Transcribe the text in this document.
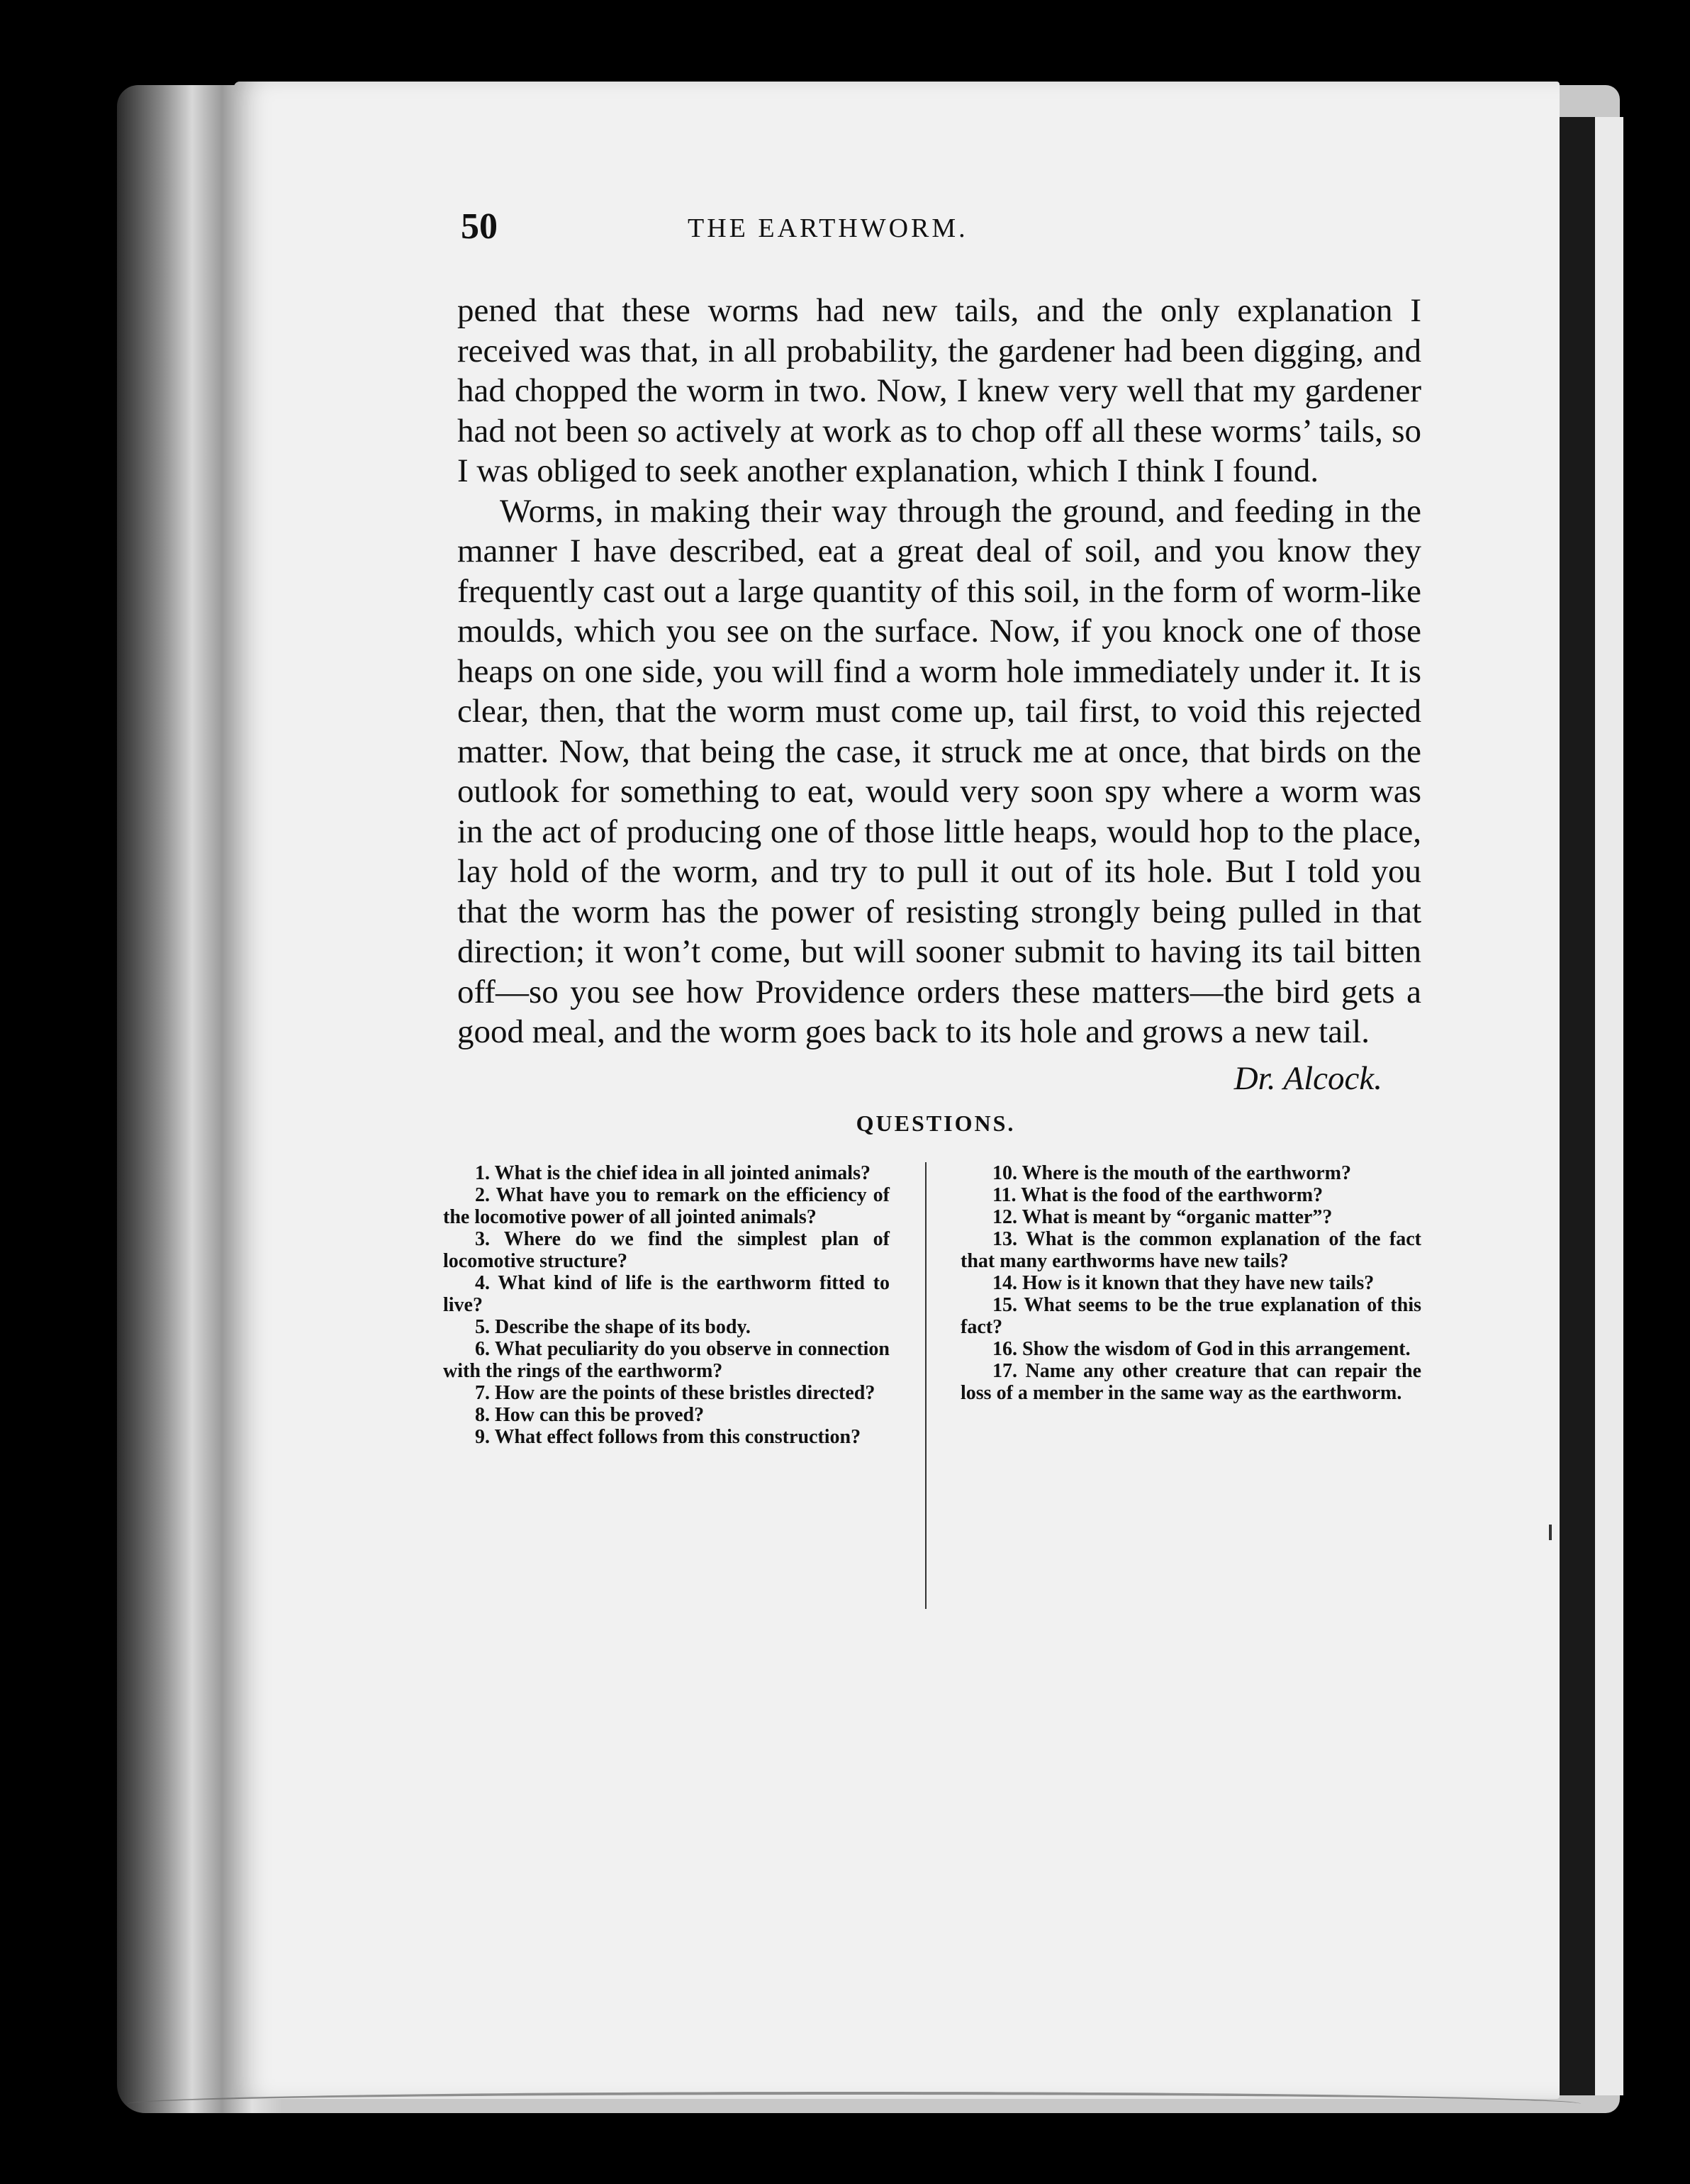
50	THE EARTHWORM.

pened that these worms had new tails, and the only explanation I received was that, in all probability, the gardener had been digging, and had chopped the worm in two. Now, I knew very well that my gardener had not been so actively at work as to chop off all these worms’ tails, so I was obliged to seek another explanation, which I think I found.

Worms, in making their way through the ground, and feeding in the manner I have described, eat a great deal of soil, and you know they frequently cast out a large quantity of this soil, in the form of worm-like moulds, which you see on the surface. Now, if you knock one of those heaps on one side, you will find a worm hole immediately under it. It is clear, then, that the worm must come up, tail first, to void this rejected matter. Now, that being the case, it struck me at once, that birds on the outlook for something to eat, would very soon spy where a worm was in the act of producing one of those little heaps, would hop to the place, lay hold of the worm, and try to pull it out of its hole. But I told you that the worm has the power of resisting strongly being pulled in that direction; it won’t come, but will sooner submit to having its tail bitten off—so you see how Providence orders these matters—the bird gets a good meal, and the worm goes back to its hole and grows a new tail.

Dr. Alcock.
QUESTIONS.

1. What is the chief idea in all jointed animals?

2. What have you to remark on the efficiency of the locomotive power of all jointed animals?

3. Where do we find the simplest plan of locomotive structure?

4. What kind of life is the earthworm fitted to live?

5. Describe the shape of its body.

6. What peculiarity do you observe in connection with the rings of the earthworm?

7. How are the points of these bristles directed?

8. How can this be proved?

9. What effect follows from this construction?

10. Where is the mouth of the earthworm?

11. What is the food of the earthworm?

12. What is meant by “organic matter”?

13. What is the common explanation of the fact that many earthworms have new tails?

14. How is it known that they have new tails?

15. What seems to be the true explanation of this fact?

16. Show the wisdom of God in this arrangement.

17. Name any other creature that can repair the loss of a member in the same way as the earthworm.
